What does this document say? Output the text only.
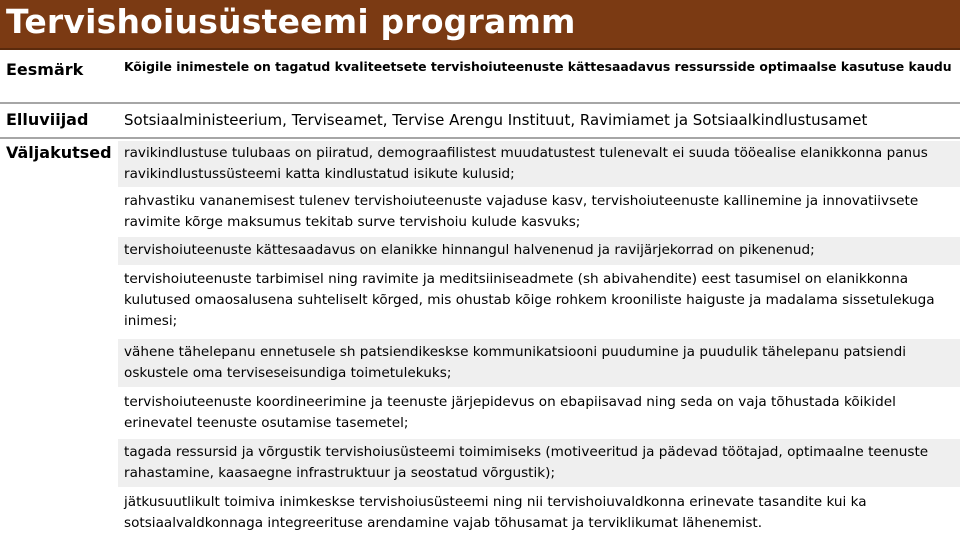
Tervishoiusüsteemi programm
Eesmärk	Kõigile inimestele on tagatud kvaliteetsete tervishoiuteenuste kättesaadavus ressursside optimaalse kasutuse kaudu
Elluviijad	Sotsiaalministeerium, Terviseamet, Tervise Arengu Instituut, Ravimiamet ja Sotsiaalkindlustusamet
Väljakutsed ravikindlustuse tulubaas on piiratud, demograafilistest muudatustest tulenevalt ei suuda tööealise elanikkonna panus ravikindlustussüsteemi katta kindlustatud isikute kulusid;
rahvastiku vananemisest tulenev tervishoiuteenuste vajaduse kasv, tervishoiuteenuste kallinemine ja innovatiivsete ravimite kõrge maksumus tekitab surve tervishoiu kulude kasvuks;
tervishoiuteenuste kättesaadavus on elanikke hinnangul halvenenud ja ravijärjekorrad on pikenenud;
tervishoiuteenuste tarbimisel ning ravimite ja meditsiiniseadmete (sh abivahendite) eest tasumisel on elanikkonna kulutused omaosalusena suhteliselt kõrged, mis ohustab kõige rohkem krooniliste haiguste ja madalama sissetulekuga inimesi;
vähene tähelepanu ennetusele sh patsiendikeskse kommunikatsiooni puudumine ja puudulik tähelepanu patsiendi oskustele oma terviseseisundiga toimetulekuks;
tervishoiuteenuste koordineerimine ja teenuste järjepidevus on ebapiisavad ning seda on vaja tõhustada kõikidel erinevatel teenuste osutamise tasemetel;
tagada ressursid ja võrgustik tervishoiusüsteemi toimimiseks (motiveeritud ja pädevad töötajad, optimaalne teenuste rahastamine, kaasaegne infrastruktuur ja seostatud võrgustik);
jätkusuutlikult toimiva inimkeskse tervishoiusüsteemi ning nii tervishoiuvaldkonna erinevate tasandite kui ka sotsiaalvaldkonnaga integreerituse arendamine vajab tõhusamat ja terviklikumat lähenemist.
